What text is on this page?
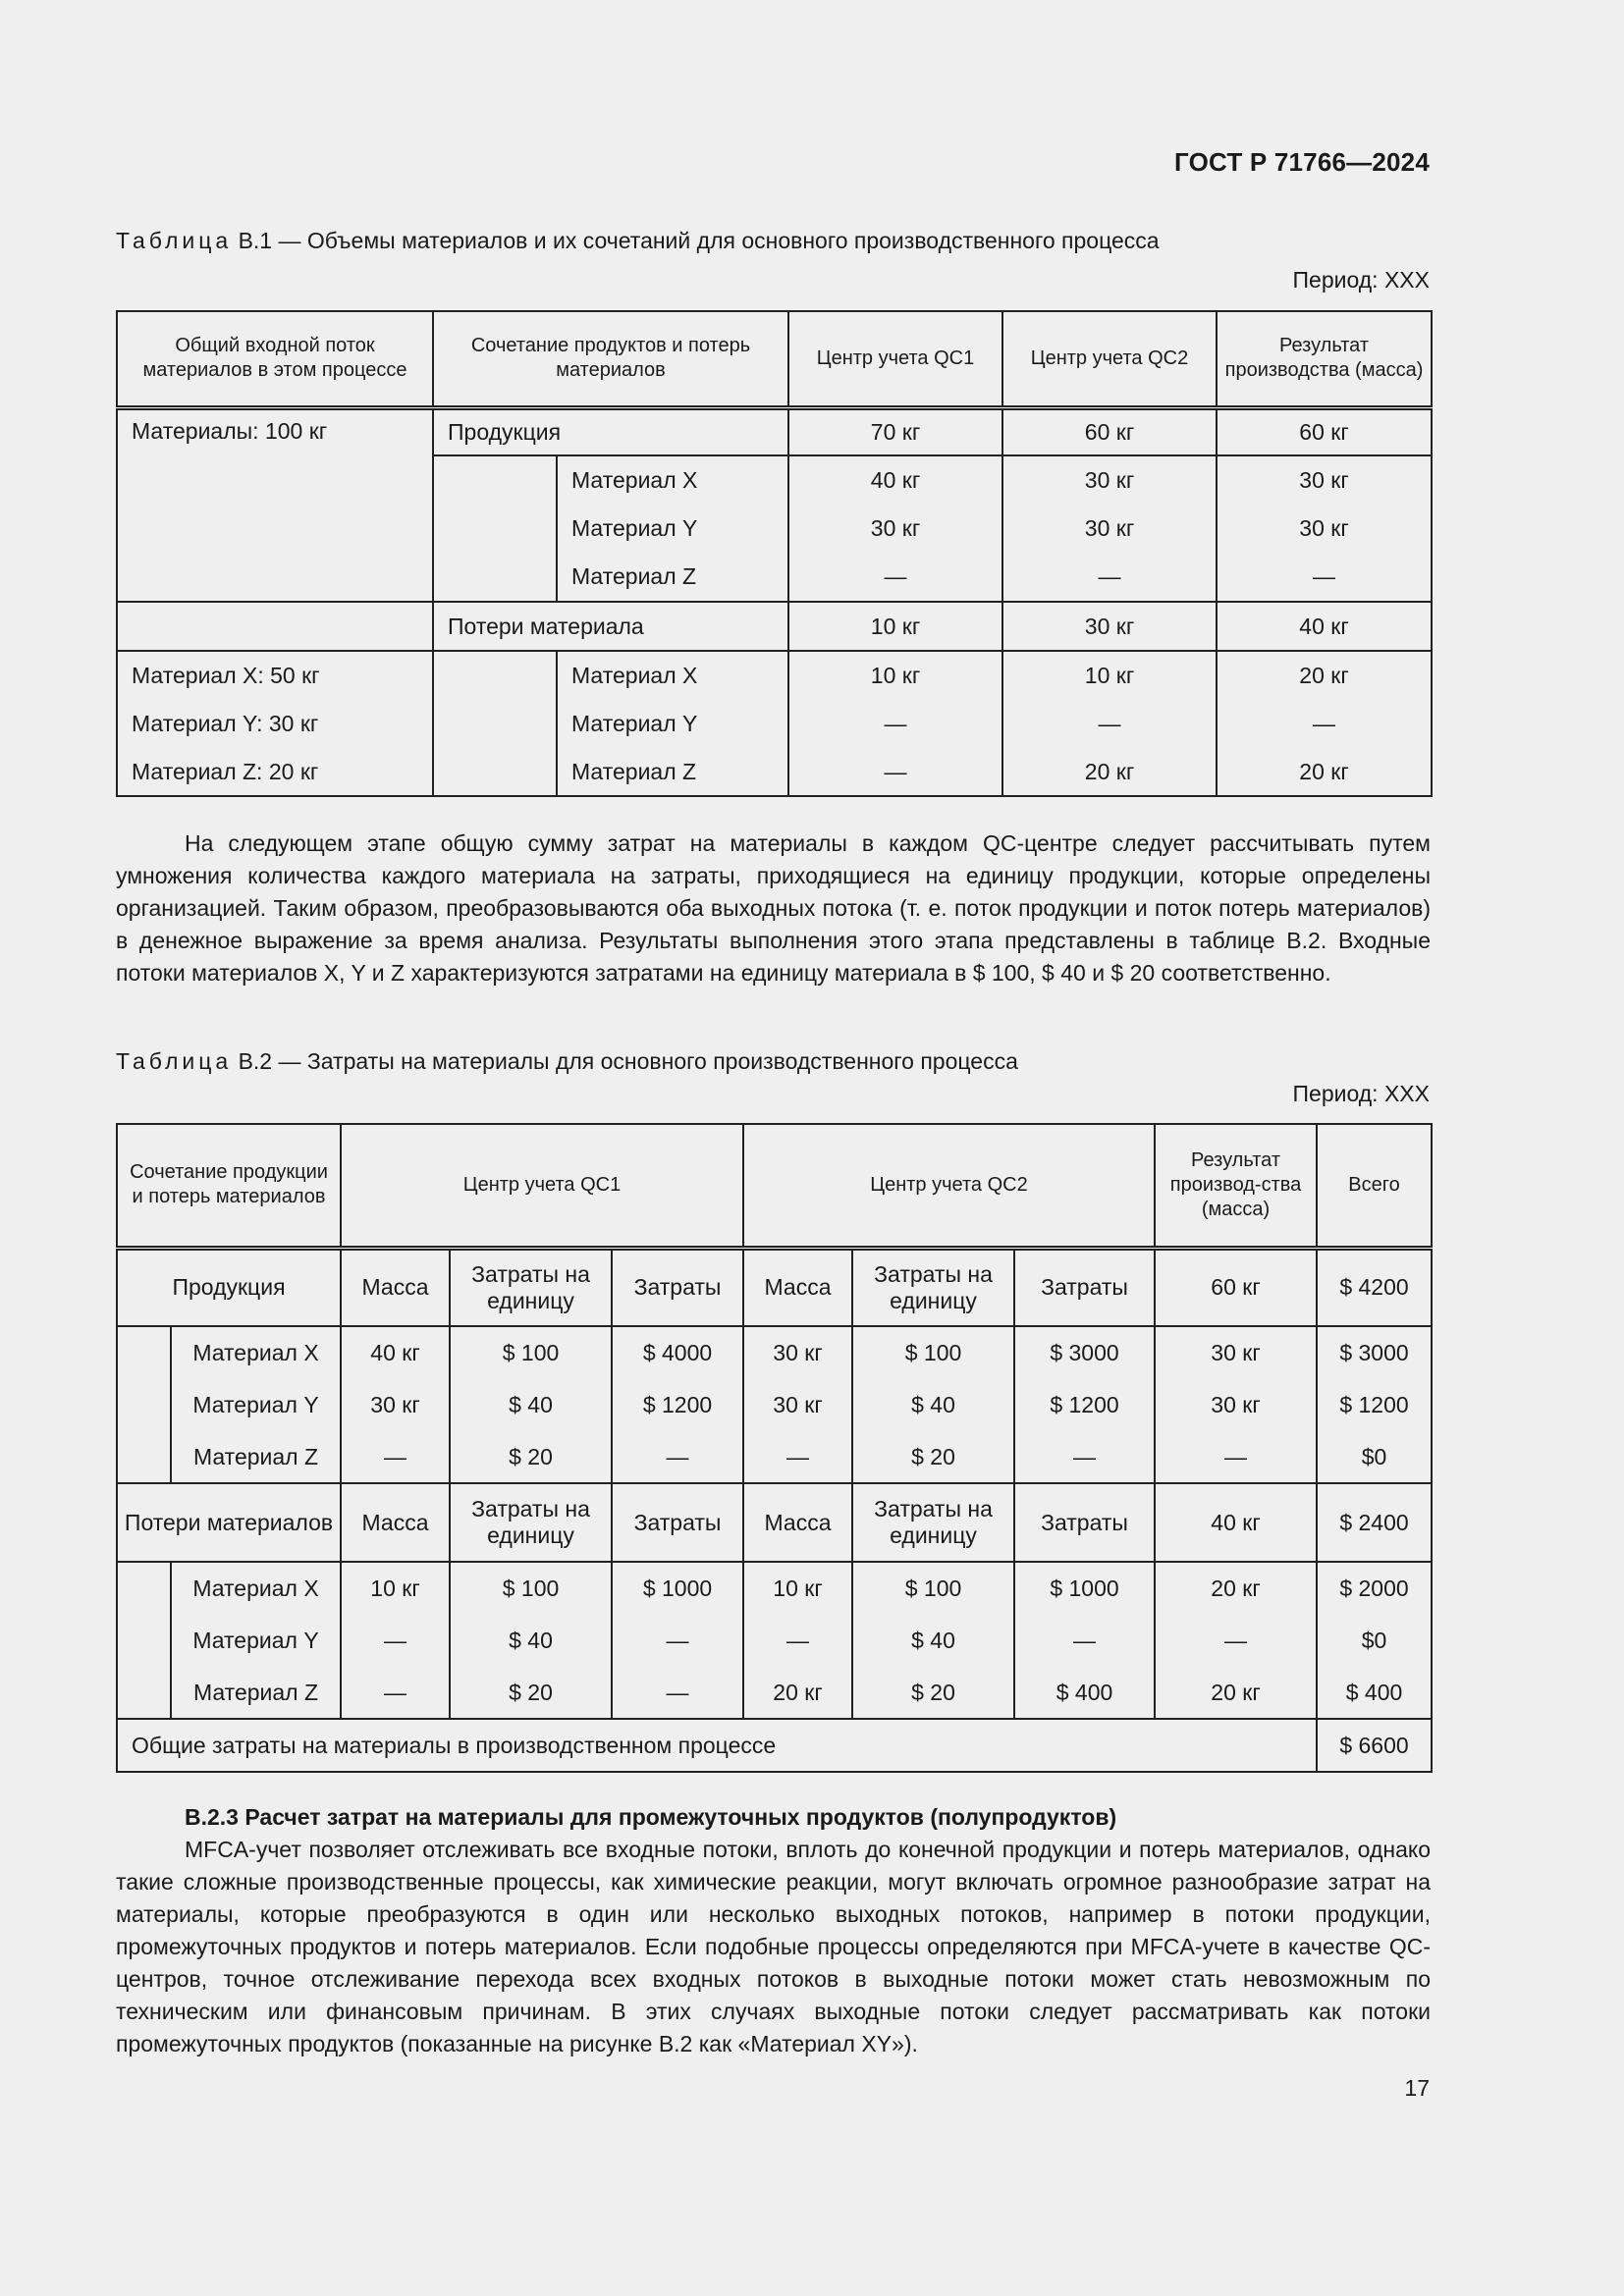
ГОСТ Р 71766—2024
Таблица В.1 — Объемы материалов и их сочетаний для основного производственного процесса
Период: XXX
Общий входной поток материалов в этом процессе	Сочетание продуктов и потерь материалов		Центр учета QC1	Центр учета QC2	Результат производства (масса)
Материалы: 100 кг	Продукция		70 кг	60 кг	60 кг
		Материал X	40 кг	30 кг	30 кг
		Материал Y	30 кг	30 кг	30 кг
		Материал Z	—	—	—
	Потери материала		10 кг	30 кг	40 кг
Материал X: 50 кг		Материал X	10 кг	10 кг	20 кг
Материал Y: 30 кг		Материал Y	—	—	—
Материал Z: 20 кг		Материал Z	—	20 кг	20 кг

На следующем этапе общую сумму затрат на материалы в каждом QC-центре следует рассчитывать путем умножения количества каждого материала на затраты, приходящиеся на единицу продукции, которые определены организацией. Таким образом, преобразовываются оба выходных потока (т. е. поток продукции и поток потерь материалов) в денежное выражение за время анализа. Результаты выполнения этого этапа представлены в таблице В.2. Входные потоки материалов X, Y и Z характеризуются затратами на единицу материала в $ 100, $ 40 и $ 20 соответственно.

Таблица В.2 — Затраты на материалы для основного производственного процесса
Период: XXX
Сочетание продукции и потерь материалов		Центр учета QC1			Центр учета QC2			Результат производ-ства (масса)	Всего
Продукция		Масса	Затраты на единицу	Затраты	Масса	Затраты на единицу	Затраты	60 кг	$ 4200
	Материал X	40 кг	$ 100	$ 4000	30 кг	$ 100	$ 3000	30 кг	$ 3000
	Материал Y	30 кг	$ 40	$ 1200	30 кг	$ 40	$ 1200	30 кг	$ 1200
	Материал Z	—	$ 20	—	—	$ 20	—	—	$0
Потери материалов		Масса	Затраты на единицу	Затраты	Масса	Затраты на единицу	Затраты	40 кг	$ 2400
	Материал X	10 кг	$ 100	$ 1000	10 кг	$ 100	$ 1000	20 кг	$ 2000
	Материал Y	—	$ 40	—	—	$ 40	—	—	$0
	Материал Z	—	$ 20	—	20 кг	$ 20	$ 400	20 кг	$ 400
Общие затраты на материалы в производственном процессе									$ 6600

В.2.3 Расчет затрат на материалы для промежуточных продуктов (полупродуктов)

MFCA-учет позволяет отслеживать все входные потоки, вплоть до конечной продукции и потерь материалов, однако такие сложные производственные процессы, как химические реакции, могут включать огромное разнообразие затрат на материалы, которые преобразуются в один или несколько выходных потоков, например в потоки продукции, промежуточных продуктов и потерь материалов. Если подобные процессы определяются при MFCA-учете в качестве QC-центров, точное отслеживание перехода всех входных потоков в выходные потоки может стать невозможным по техническим или финансовым причинам. В этих случаях выходные потоки следует рассматривать как потоки промежуточных продуктов (показанные на рисунке В.2 как «Материал XY»).

17
